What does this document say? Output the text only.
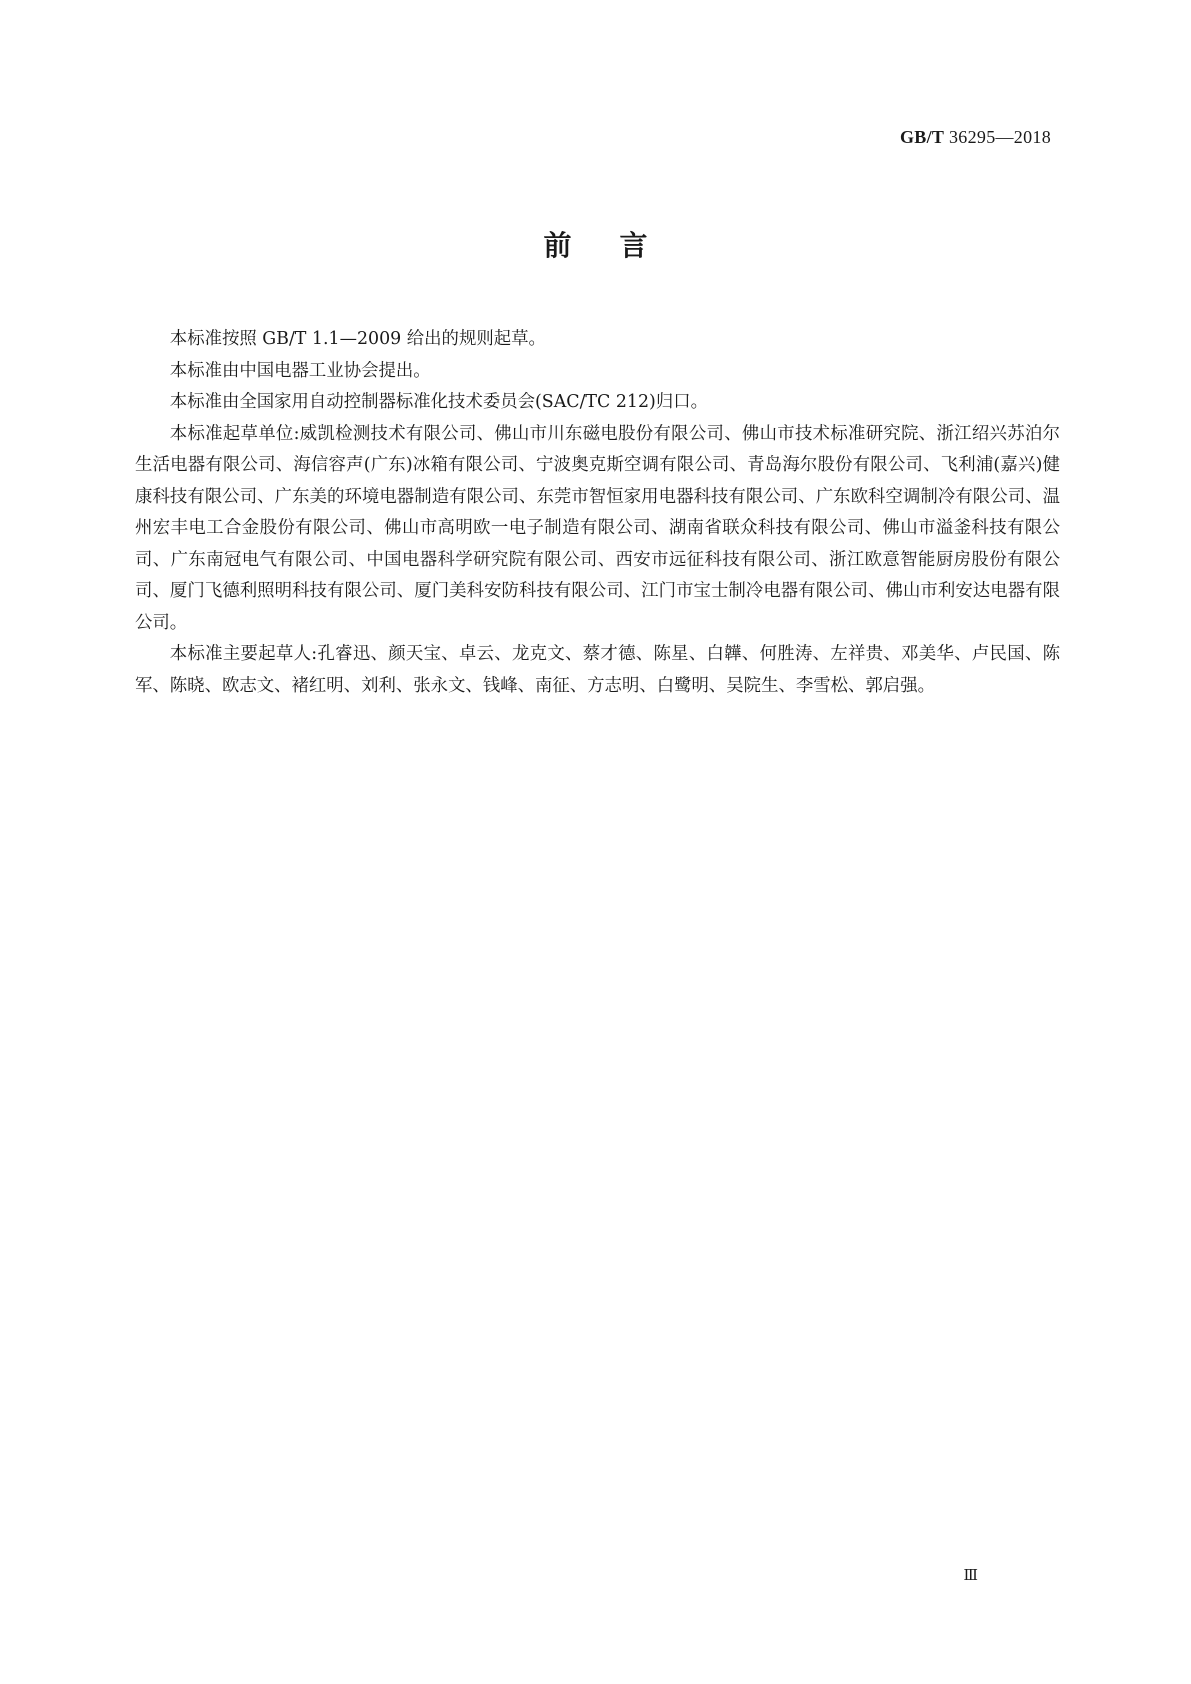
GB/T 36295—2018
前言

本标准按照 GB/T 1.1—2009 给出的规则起草。

本标准由中国电器工业协会提出。

本标准由全国家用自动控制器标准化技术委员会(SAC/TC 212)归口。

本标准起草单位:威凯检测技术有限公司、佛山市川东磁电股份有限公司、佛山市技术标准研究院、浙江绍兴苏泊尔生活电器有限公司、海信容声(广东)冰箱有限公司、宁波奥克斯空调有限公司、青岛海尔股份有限公司、飞利浦(嘉兴)健康科技有限公司、广东美的环境电器制造有限公司、东莞市智恒家用电器科技有限公司、广东欧科空调制冷有限公司、温州宏丰电工合金股份有限公司、佛山市高明欧一电子制造有限公司、湖南省联众科技有限公司、佛山市溢釜科技有限公司、广东南冠电气有限公司、中国电器科学研究院有限公司、西安市远征科技有限公司、浙江欧意智能厨房股份有限公司、厦门飞德利照明科技有限公司、厦门美科安防科技有限公司、江门市宝士制冷电器有限公司、佛山市利安达电器有限公司。

本标准主要起草人:孔睿迅、颜天宝、卓云、龙克文、蔡才德、陈星、白韡、何胜涛、左祥贵、邓美华、卢民国、陈军、陈晓、欧志文、褚红明、刘利、张永文、钱峰、南征、方志明、白鹭明、吴院生、李雪松、郭启强。

Ⅲ
